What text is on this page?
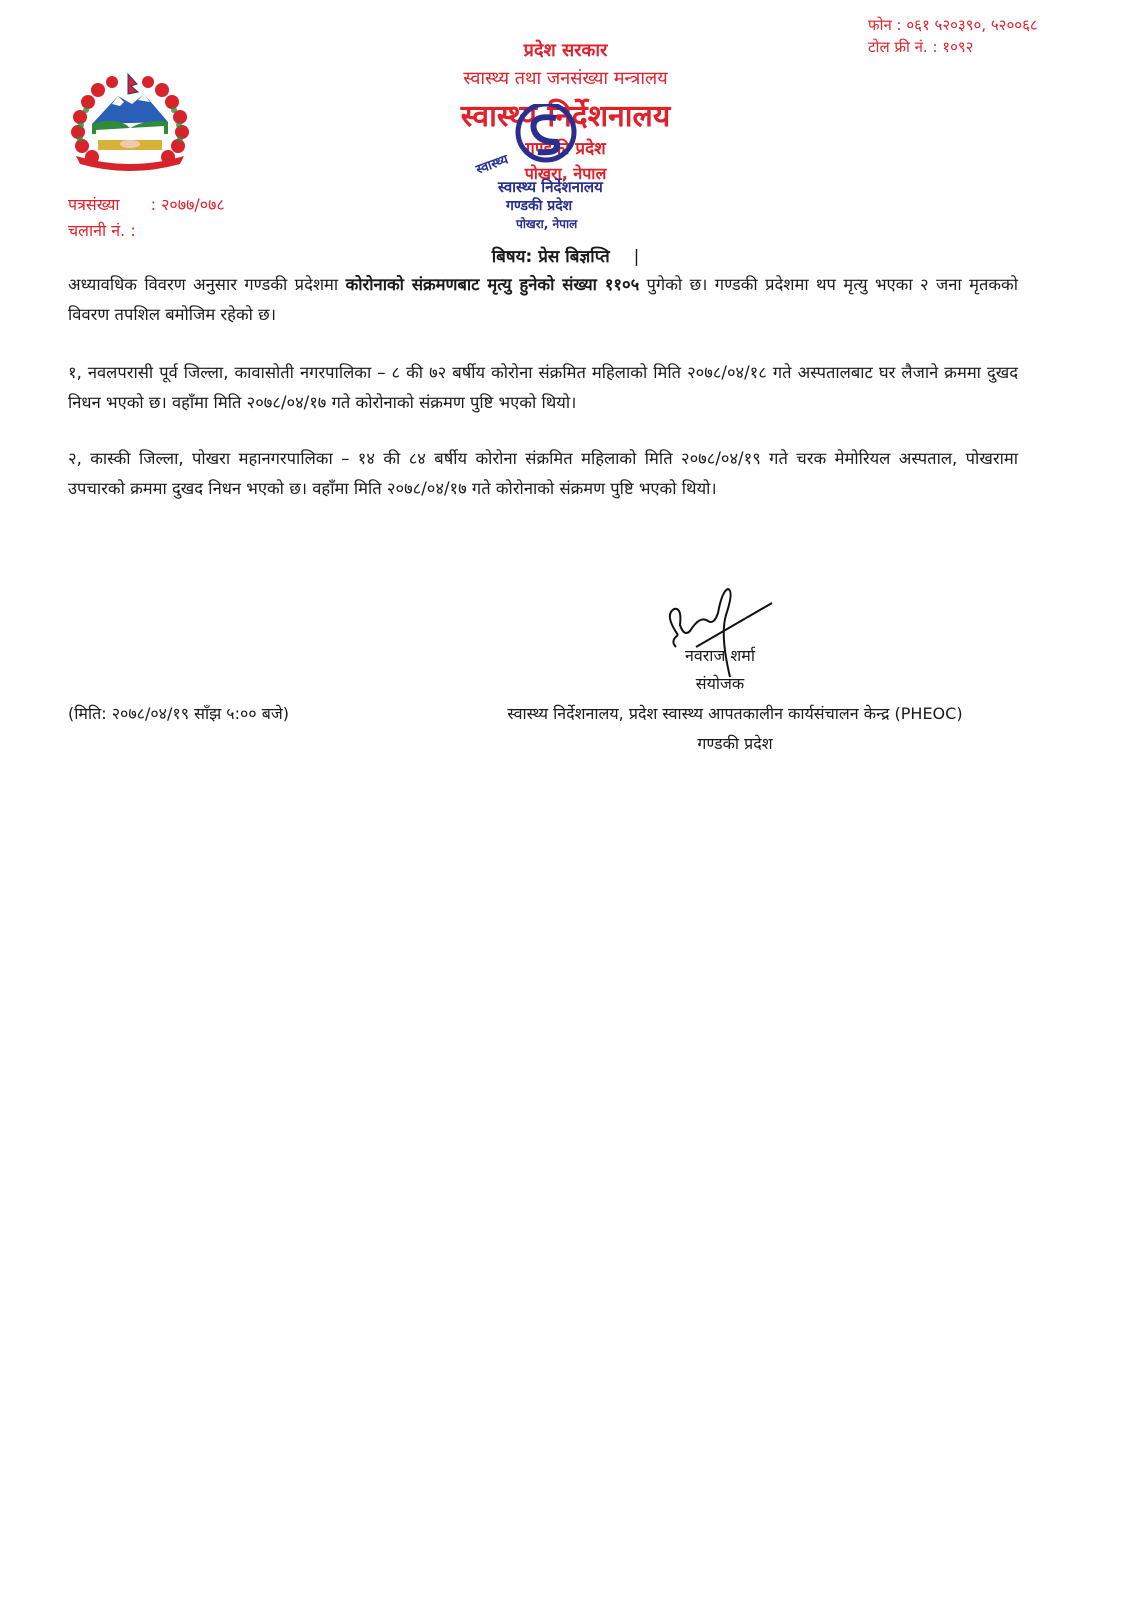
फोन : ०६१ ५२०३९०, ५२००६८
टोल फ्री नं. : १०९२
प्रदेश सरकार
स्वास्थ्य तथा जनसंख्या मन्त्रालय
स्वास्थ्य निर्देशनालय
गण्डकी प्रदेश
पोखरा, नेपाल
स्वास्थ्य
स्वास्थ्य निर्देशनालय
गण्डकी प्रदेश
पोखरा, नेपाल
पत्रसंख्या : २०७७/०७८
चलानी नं. :
बिषय: प्रेस बिज्ञप्ति |
अध्यावधिक विवरण अनुसार गण्डकी प्रदेशमा कोरोनाको संक्रमणबाट मृत्यु हुनेको संख्या ११०५ पुगेको छ। गण्डकी प्रदेशमा थप मृत्यु भएका २ जना मृतकको विवरण तपशिल बमोजिम रहेको छ।
१, नवलपरासी पूर्व जिल्ला, कावासोती नगरपालिका – ८ की ७२ बर्षीय कोरोना संक्रमित महिलाको मिति २०७८/०४/१८ गते अस्पतालबाट घर लैजाने क्रममा दुखद निधन भएको छ। वहाँमा मिति २०७८/०४/१७ गते कोरोनाको संक्रमण पुष्टि भएको थियो।
२, कास्की जिल्ला, पोखरा महानगरपालिका – १४ की ८४ बर्षीय कोरोना संक्रमित महिलाको मिति २०७८/०४/१९ गते चरक मेमोरियल अस्पताल, पोखरामा उपचारको क्रममा दुखद निधन भएको छ। वहाँमा मिति २०७८/०४/१७ गते कोरोनाको संक्रमण पुष्टि भएको थियो।
नवराज शर्मा
संयोजक
(मिति: २०७८/०४/१९ साँझ ५:०० बजे)	स्वास्थ्य निर्देशनालय, प्रदेश स्वास्थ्य आपतकालीन कार्यसंचालन केन्द्र (PHEOC)
गण्डकी प्रदेश
